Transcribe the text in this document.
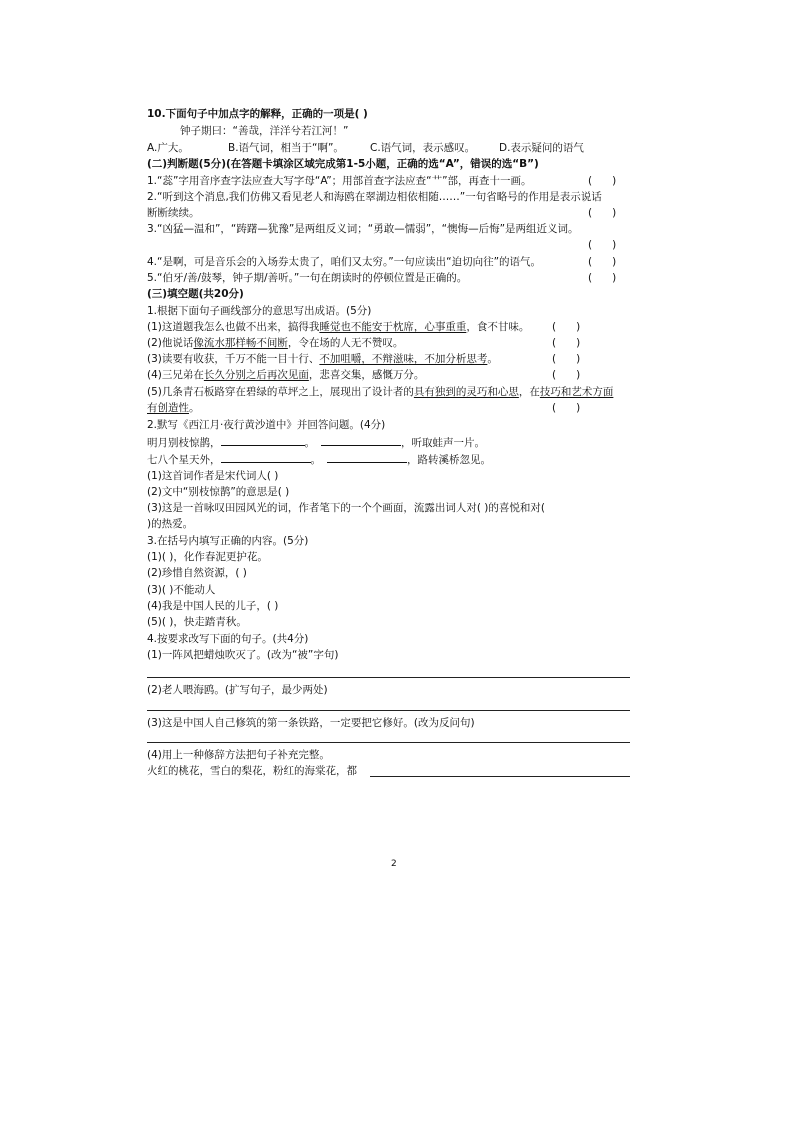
10.下面句子中加点字的解释，正确的一项是( )
钟子期曰：“善哉，洋洋兮若江河！”
A.广大。	B.语气词，相当于“啊”。 C.语气词，表示感叹。 D.表示疑问的语气
(二)判断题(5分)(在答题卡填涂区域完成第1-5小题，正确的选“A”，错误的选“B”)
1.“蕊”字用音序查字法应查大写字母“A”；用部首查字法应查“艹”部，再查十一画。	(      )
2.“听到这个消息,我们仿佛又看见老人和海鸥在翠湖边相依相随……”一句省略号的作用是表示说话
断断续续。	(      )
3.“凶猛—温和”，“踌躇—犹豫”是两组反义词；“勇敢—懦弱”，“懊悔—后悔”是两组近义词。
(      )
4.“是啊，可是音乐会的入场券太贵了，咱们又太穷。”一句应读出“迫切向往”的语气。	(      )
5.“伯牙/善/鼓琴，钟子期/善听。”一句在朗读时的停顿位置是正确的。	(      )
(三)填空题(共20分)
1.根据下面句子画线部分的意思写出成语。(5分)
(1)这道题我怎么也做不出来，搞得我睡觉也不能安于枕席，心事重重，食不甘味。 (      )
(2)他说话像流水那样畅不间断，令在场的人无不赞叹。	(      )
(3)读要有收获，千万不能一目十行、不加咀嚼，不辩滋味，不加分析思考。	(      )
(4)三兄弟在长久分别之后再次见面，悲喜交集，感慨万分。	(      )
(5)几条青石板路穿在碧绿的草坪之上，展现出了设计者的具有独到的灵巧和心思，在技巧和艺术方面
有创造性。	(      )
2.默写《西江月·夜行黄沙道中》并回答问题。(4分)
明月别枝惊鹊，	。	，听取蛙声一片。
七八个星天外，	。	，路转溪桥忽见。
(1)这首词作者是宋代词人( )
(2)文中“别枝惊鹊”的意思是( )
(3)这是一首咏叹田园风光的词，作者笔下的一个个画面，流露出词人对( )的喜悦和对(
)的热爱。
3.在括号内填写正确的内容。(5分)
(1)( )，化作春泥更护花。
(2)珍惜自然资源，( )
(3)( )不能动人
(4)我是中国人民的儿子，( )
(5)( )，快走踏青秋。
4.按要求改写下面的句子。(共4分)
(1)一阵风把蜡烛吹灭了。(改为“被”字句)
(2)老人喂海鸥。(扩写句子，最少两处)
(3)这是中国人自己修筑的第一条铁路，一定要把它修好。(改为反问句)
(4)用上一种修辞方法把句子补充完整。
火红的桃花，雪白的梨花，粉红的海棠花，都
2
